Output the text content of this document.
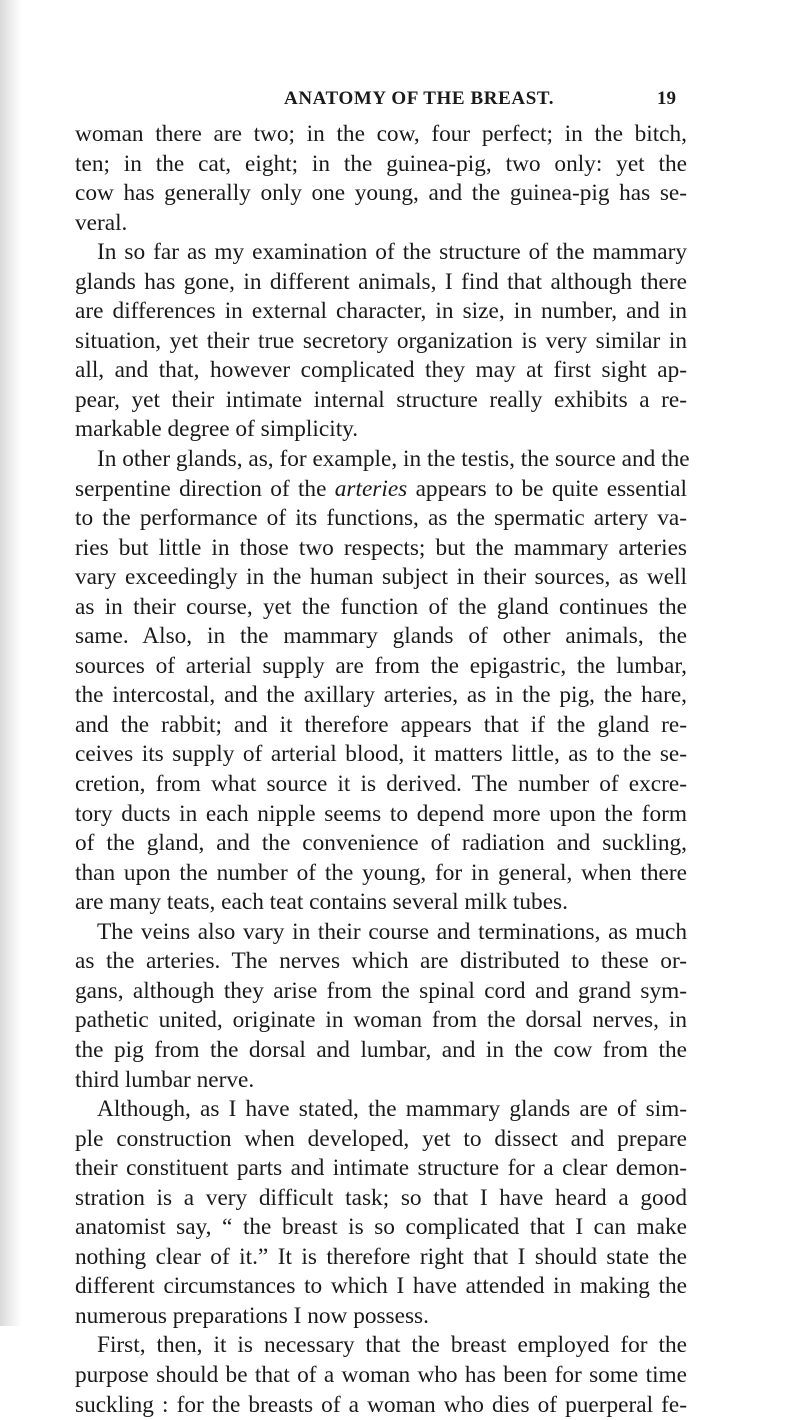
ANATOMY OF THE BREAST.	19
woman there are two; in the cow, four perfect; in the bitch,
ten; in the cat, eight; in the guinea-pig, two only: yet the
cow has generally only one young, and the guinea-pig has se-
veral.
In so far as my examination of the structure of the mammary
glands has gone, in different animals, I find that although there
are differences in external character, in size, in number, and in
situation, yet their true secretory organization is very similar in
all, and that, however complicated they may at first sight ap-
pear, yet their intimate internal structure really exhibits a re-
markable degree of simplicity.
In other glands, as, for example, in the testis, the source and the
serpentine direction of the arteries appears to be quite essential
to the performance of its functions, as the spermatic artery va-
ries but little in those two respects; but the mammary arteries
vary exceedingly in the human subject in their sources, as well
as in their course, yet the function of the gland continues the
same. Also, in the mammary glands of other animals, the
sources of arterial supply are from the epigastric, the lumbar,
the intercostal, and the axillary arteries, as in the pig, the hare,
and the rabbit; and it therefore appears that if the gland re-
ceives its supply of arterial blood, it matters little, as to the se-
cretion, from what source it is derived. The number of excre-
tory ducts in each nipple seems to depend more upon the form
of the gland, and the convenience of radiation and suckling,
than upon the number of the young, for in general, when there
are many teats, each teat contains several milk tubes.
The veins also vary in their course and terminations, as much
as the arteries. The nerves which are distributed to these or-
gans, although they arise from the spinal cord and grand sym-
pathetic united, originate in woman from the dorsal nerves, in
the pig from the dorsal and lumbar, and in the cow from the
third lumbar nerve.
Although, as I have stated, the mammary glands are of sim-
ple construction when developed, yet to dissect and prepare
their constituent parts and intimate structure for a clear demon-
stration is a very difficult task; so that I have heard a good
anatomist say, “ the breast is so complicated that I can make
nothing clear of it.” It is therefore right that I should state the
different circumstances to which I have attended in making the
numerous preparations I now possess.
First, then, it is necessary that the breast employed for the
purpose should be that of a woman who has been for some time
suckling : for the breasts of a woman who dies of puerperal fe-
